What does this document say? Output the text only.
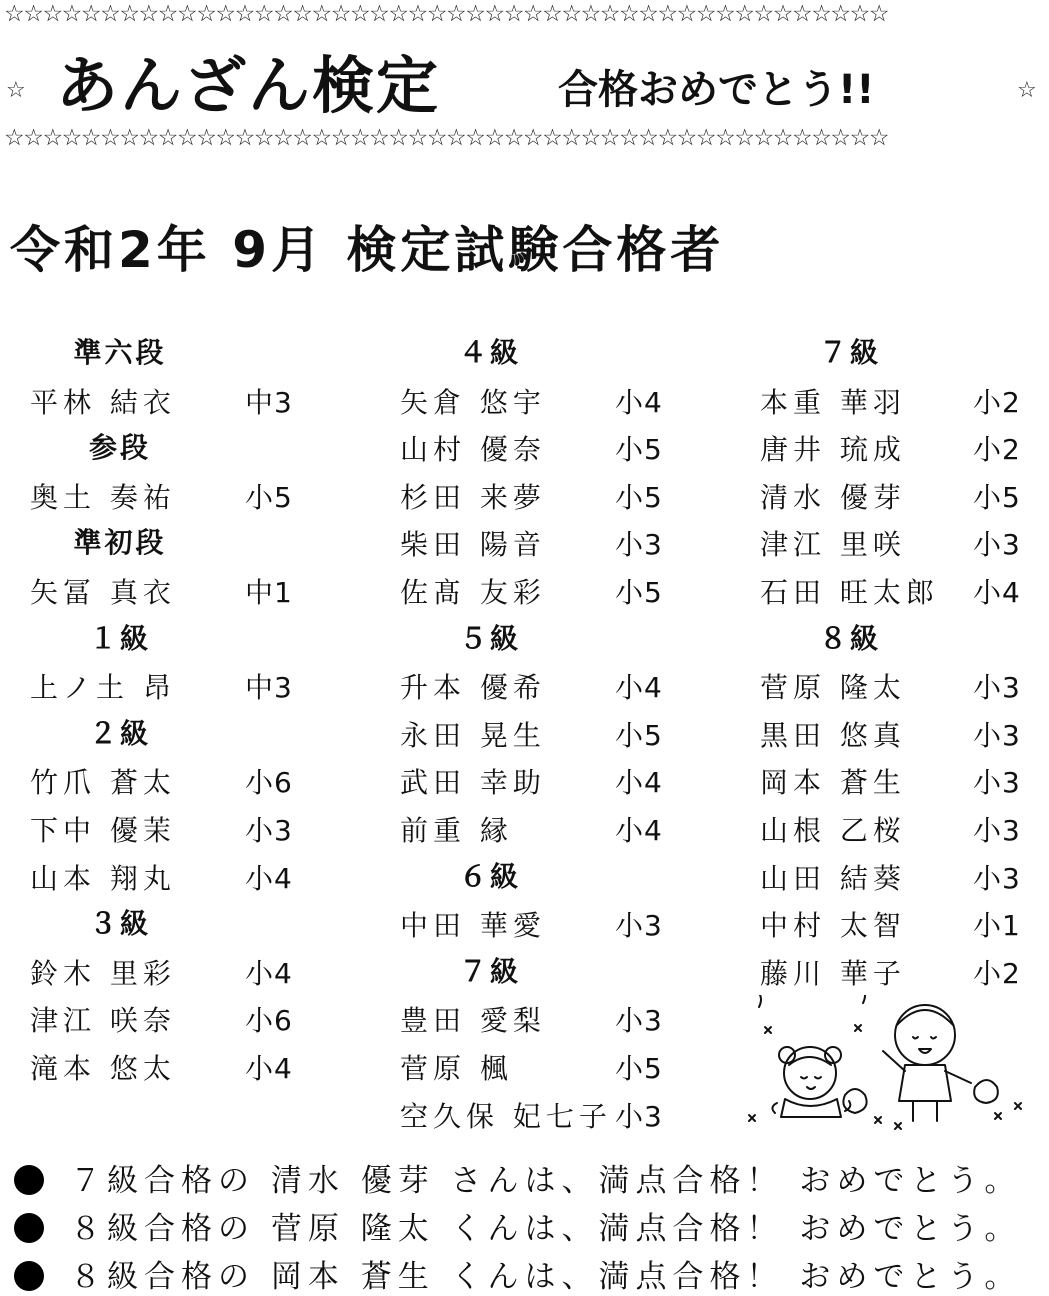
☆☆☆☆☆☆☆☆☆☆☆☆☆☆☆☆☆☆☆☆☆☆☆☆☆☆☆☆☆☆☆☆☆☆☆☆☆☆☆☆☆☆☆☆☆☆
☆ あんざん検定	合格おめでとう!!	☆
☆☆☆☆☆☆☆☆☆☆☆☆☆☆☆☆☆☆☆☆☆☆☆☆☆☆☆☆☆☆☆☆☆☆☆☆☆☆☆☆☆☆☆☆☆☆
令和2年 9月 検定試験合格者
準六段
平林 結衣 中3
参段
奥土 奏祐 小5
準初段
矢冨 真衣 中1
１級
上ノ土 昂 中3
２級
竹爪 蒼太 小6
下中 優茉 小3
山本 翔丸 小4
３級
鈴木 里彩 小4
津江 咲奈 小6
滝本 悠太 小4
４級
矢倉 悠宇 小4
山村 優奈 小5
杉田 来夢 小5
柴田 陽音 小3
佐髙 友彩 小5
５級
升本 優希 小4
永田 晃生 小5
武田 幸助 小4
前重 縁	小4
６級
中田 華愛 小3
７級
豊田 愛梨 小3
菅原 楓	小5
空久保 妃七子 小3
７級
本重 華羽 小2
唐井 琉成 小2
清水 優芽 小5
津江 里咲 小3
石田 旺太郎 小4
８級
菅原 隆太 小3
黒田 悠真 小3
岡本 蒼生 小3
山根 乙桜 小3
山田 結葵 小3
中村 太智 小1
藤川 華子 小2
７級合格の 清水 優芽 さんは、満点合格！ おめでとう。
８級合格の 菅原 隆太 くんは、満点合格！ おめでとう。
８級合格の 岡本 蒼生 くんは、満点合格！ おめでとう。
